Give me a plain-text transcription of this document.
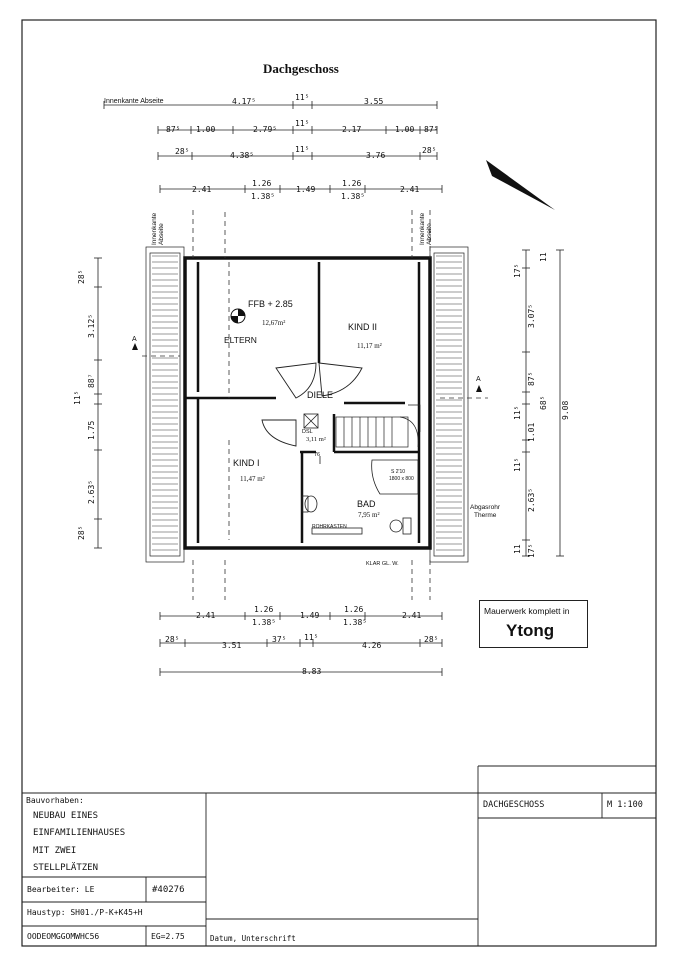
Dachgeschoss
Innenkante Abseite	4.17⁵	11⁵	3.55
87⁵ 1.00	2.79⁵
11⁵
2.17	1.00 87⁵
28⁵	4.38⁵
11⁵
3.76
28⁵
2.41
1.26
1.38⁵
1.49
1.26
1.38⁵
2.41
Innenkante Abseite	Innenkante Abseite
28⁵
3.12⁵
11⁵
88⁷
1.75
2.63⁵
28⁵
17⁵
11
3.07⁵
87⁵
11⁵
1.01
68⁵
11⁵
2.63⁵
9.08
11 17⁵
FFB + 2.85
12,67m²
ELTERN
KIND II
11,17 m²
DIELE
DSL
3,11 m²
76
KIND I
11,47 m²
BAD
7,95 m²
S 2'10
1800 x 800
ROHRKASTEN
KLAR GL. W.
Abgasrohr
Therme
A
A
2.41
1.26
1.38⁵
1.49
1.26
1.38⁵
2.41
28⁵
3.51
37⁵ 11⁵
4.26
28⁵
8.83
Mauerwerk komplett in
Ytong
Bauvorhaben:
NEUBAU EINES
EINFAMILIENHAUSES
MIT ZWEI
STELLPLÄTZEN
Bearbeiter: LE	#40276
Haustyp: SH01./P-K+K45+H
OODEOMGGOMWHC56	EG=2.75	Datum, Unterschrift
DACHGESCHOSS	M 1:100
